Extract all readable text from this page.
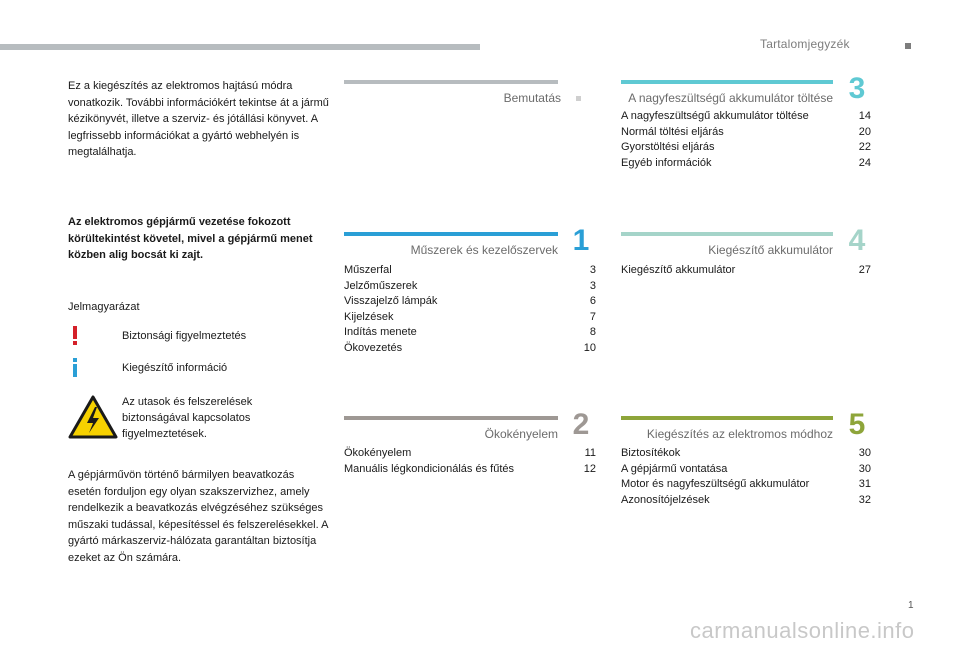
Tartalomjegyzék
Ez a kiegészítés az elektromos hajtású módra vonatkozik. További információkért tekintse át a jármű kézikönyvét, illetve a szerviz- és jótállási könyvet. A legfrissebb információkat a gyártó webhelyén is megtalálhatja.
Az elektromos gépjármű vezetése fokozott körültekintést követel, mivel a gépjármű menet közben alig bocsát ki zajt.
Jelmagyarázat
Biztonsági figyelmeztetés
Kiegészítő információ
Az utasok és felszerelések biztonságával kapcsolatos figyelmeztetések.
A gépjárművön történő bármilyen beavatkozás esetén forduljon egy olyan szakszervizhez, amely rendelkezik a beavatkozás elvégzéséhez szükséges műszaki tudással, képesítéssel és felszerelésekkel. A gyártó márkaszerviz-hálózata garantáltan biztosítja ezeket az Ön számára.
Bemutatás
Műszerek és kezelőszervek 1
Műszerfal	3
Jelzőműszerek	3
Visszajelző lámpák	6
Kijelzések	7
Indítás menete	8
Ökovezetés	10
Ökokényelem 2
Ökokényelem	11
Manuális légkondicionálás és fűtés	12
A nagyfeszültségű akkumulátor töltése 3
A nagyfeszültségű akkumulátor töltése	14
Normál töltési eljárás	20
Gyorstöltési eljárás	22
Egyéb információk	24
Kiegészítő akkumulátor 4
Kiegészítő akkumulátor	27
Kiegészítés az elektromos módhoz 5
Biztosítékok	30
A gépjármű vontatása	30
Motor és nagyfeszültségű akkumulátor	31
Azonosítójelzések	32
1
carmanualsonline.info
